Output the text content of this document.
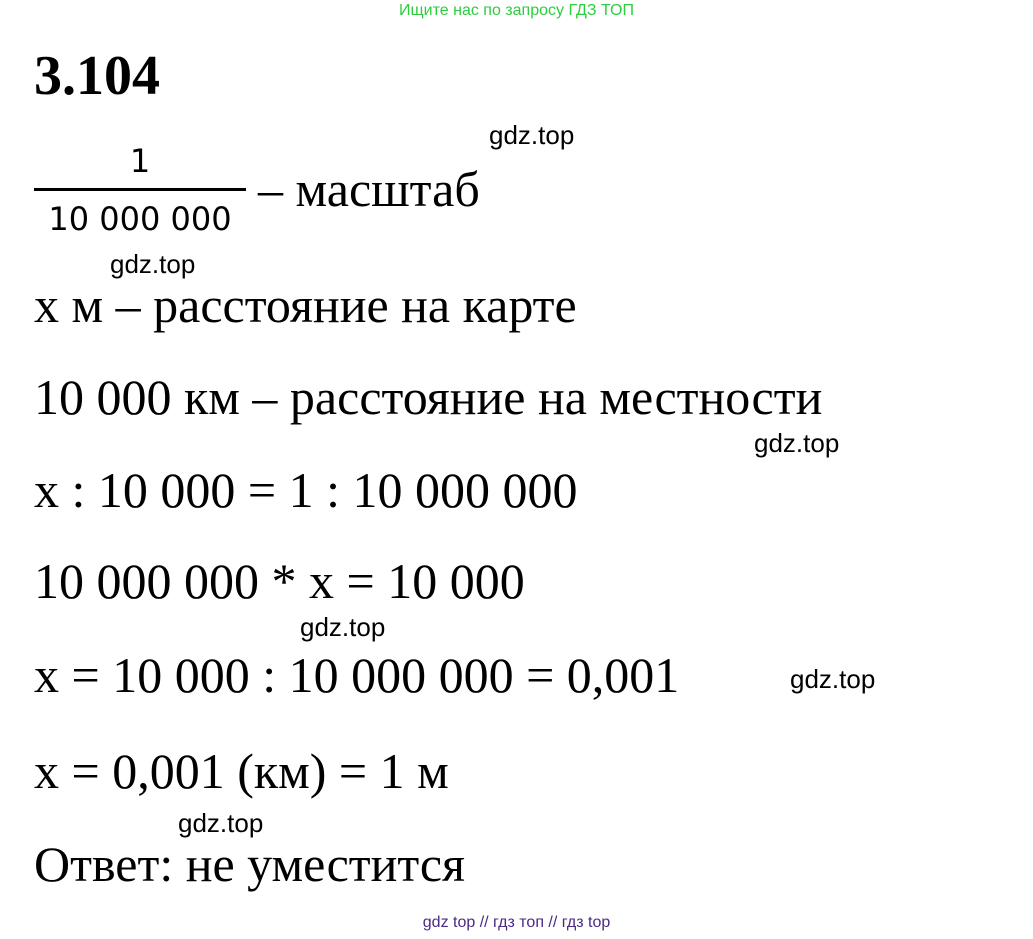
Ищите нас по запросу ГДЗ ТОП
3.104
gdz.top
1
10 000 000
– масштаб
gdz.top
х м – расстояние на карте
10 000 км – расстояние на местности
gdz.top
х : 10 000 = 1 : 10 000 000
10 000 000 * х = 10 000
gdz.top
х = 10 000 : 10 000 000 = 0,001	gdz.top
х = 0,001 (км) = 1 м
gdz.top
Ответ: не уместится
gdz top // гдз топ // гдз top
